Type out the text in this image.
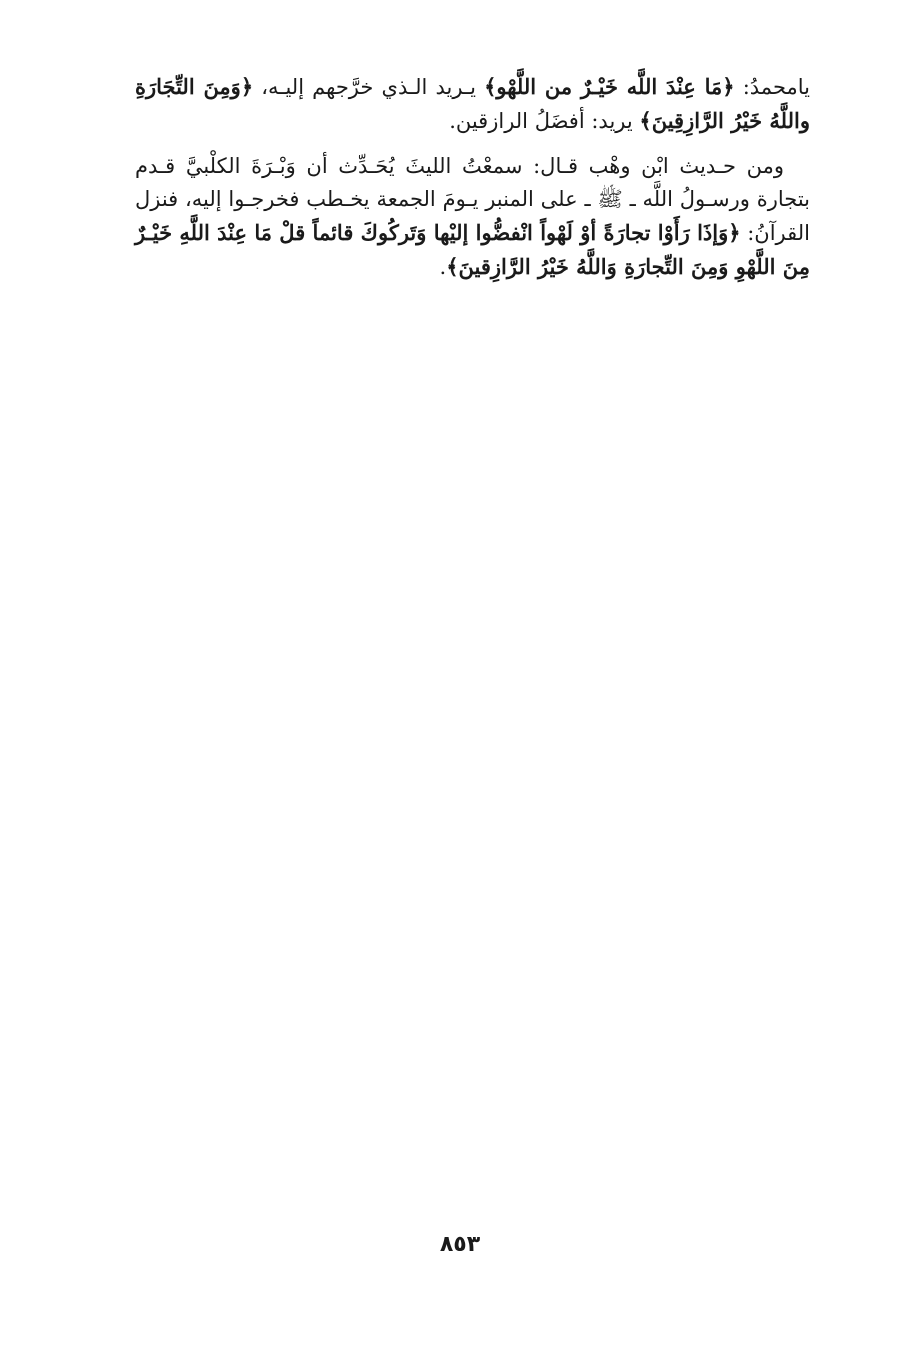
يامحمدُ: ﴿مَا عِنْدَ اللَّه خَيْـرٌ من اللَّهْو﴾ يـريد الـذي خرَّجهم إليـه، ﴿وَمِنَ التِّجَارَةِ واللَّهُ خَيْرُ الرَّازِقِينَ﴾ يريد: أفضَلُ الرازقين.

ومن حـديث ابْن وهْب قـال: سمعْتُ الليثَ يُحَـدِّث أن وَبْـرَةَ الكلْبيَّ قـدم بتجارة ورسـولُ اللَّه ـ ﷺ ـ على المنبر يـومَ الجمعة يخـطب فخرجـوا إليه، فنزل القرآنُ: ﴿وَإذَا رَأَوْا تجارَةً أوْ لَهْواً انْفضُّوا إليْها وَتَركُوكَ قائماً قلْ مَا عِنْدَ اللَّهِ خَيْـرٌ مِنَ اللَّهْوِ وَمِنَ التِّجارَةِ وَاللَّهُ خَيْرُ الرَّازِقينَ﴾.

٨٥٣
